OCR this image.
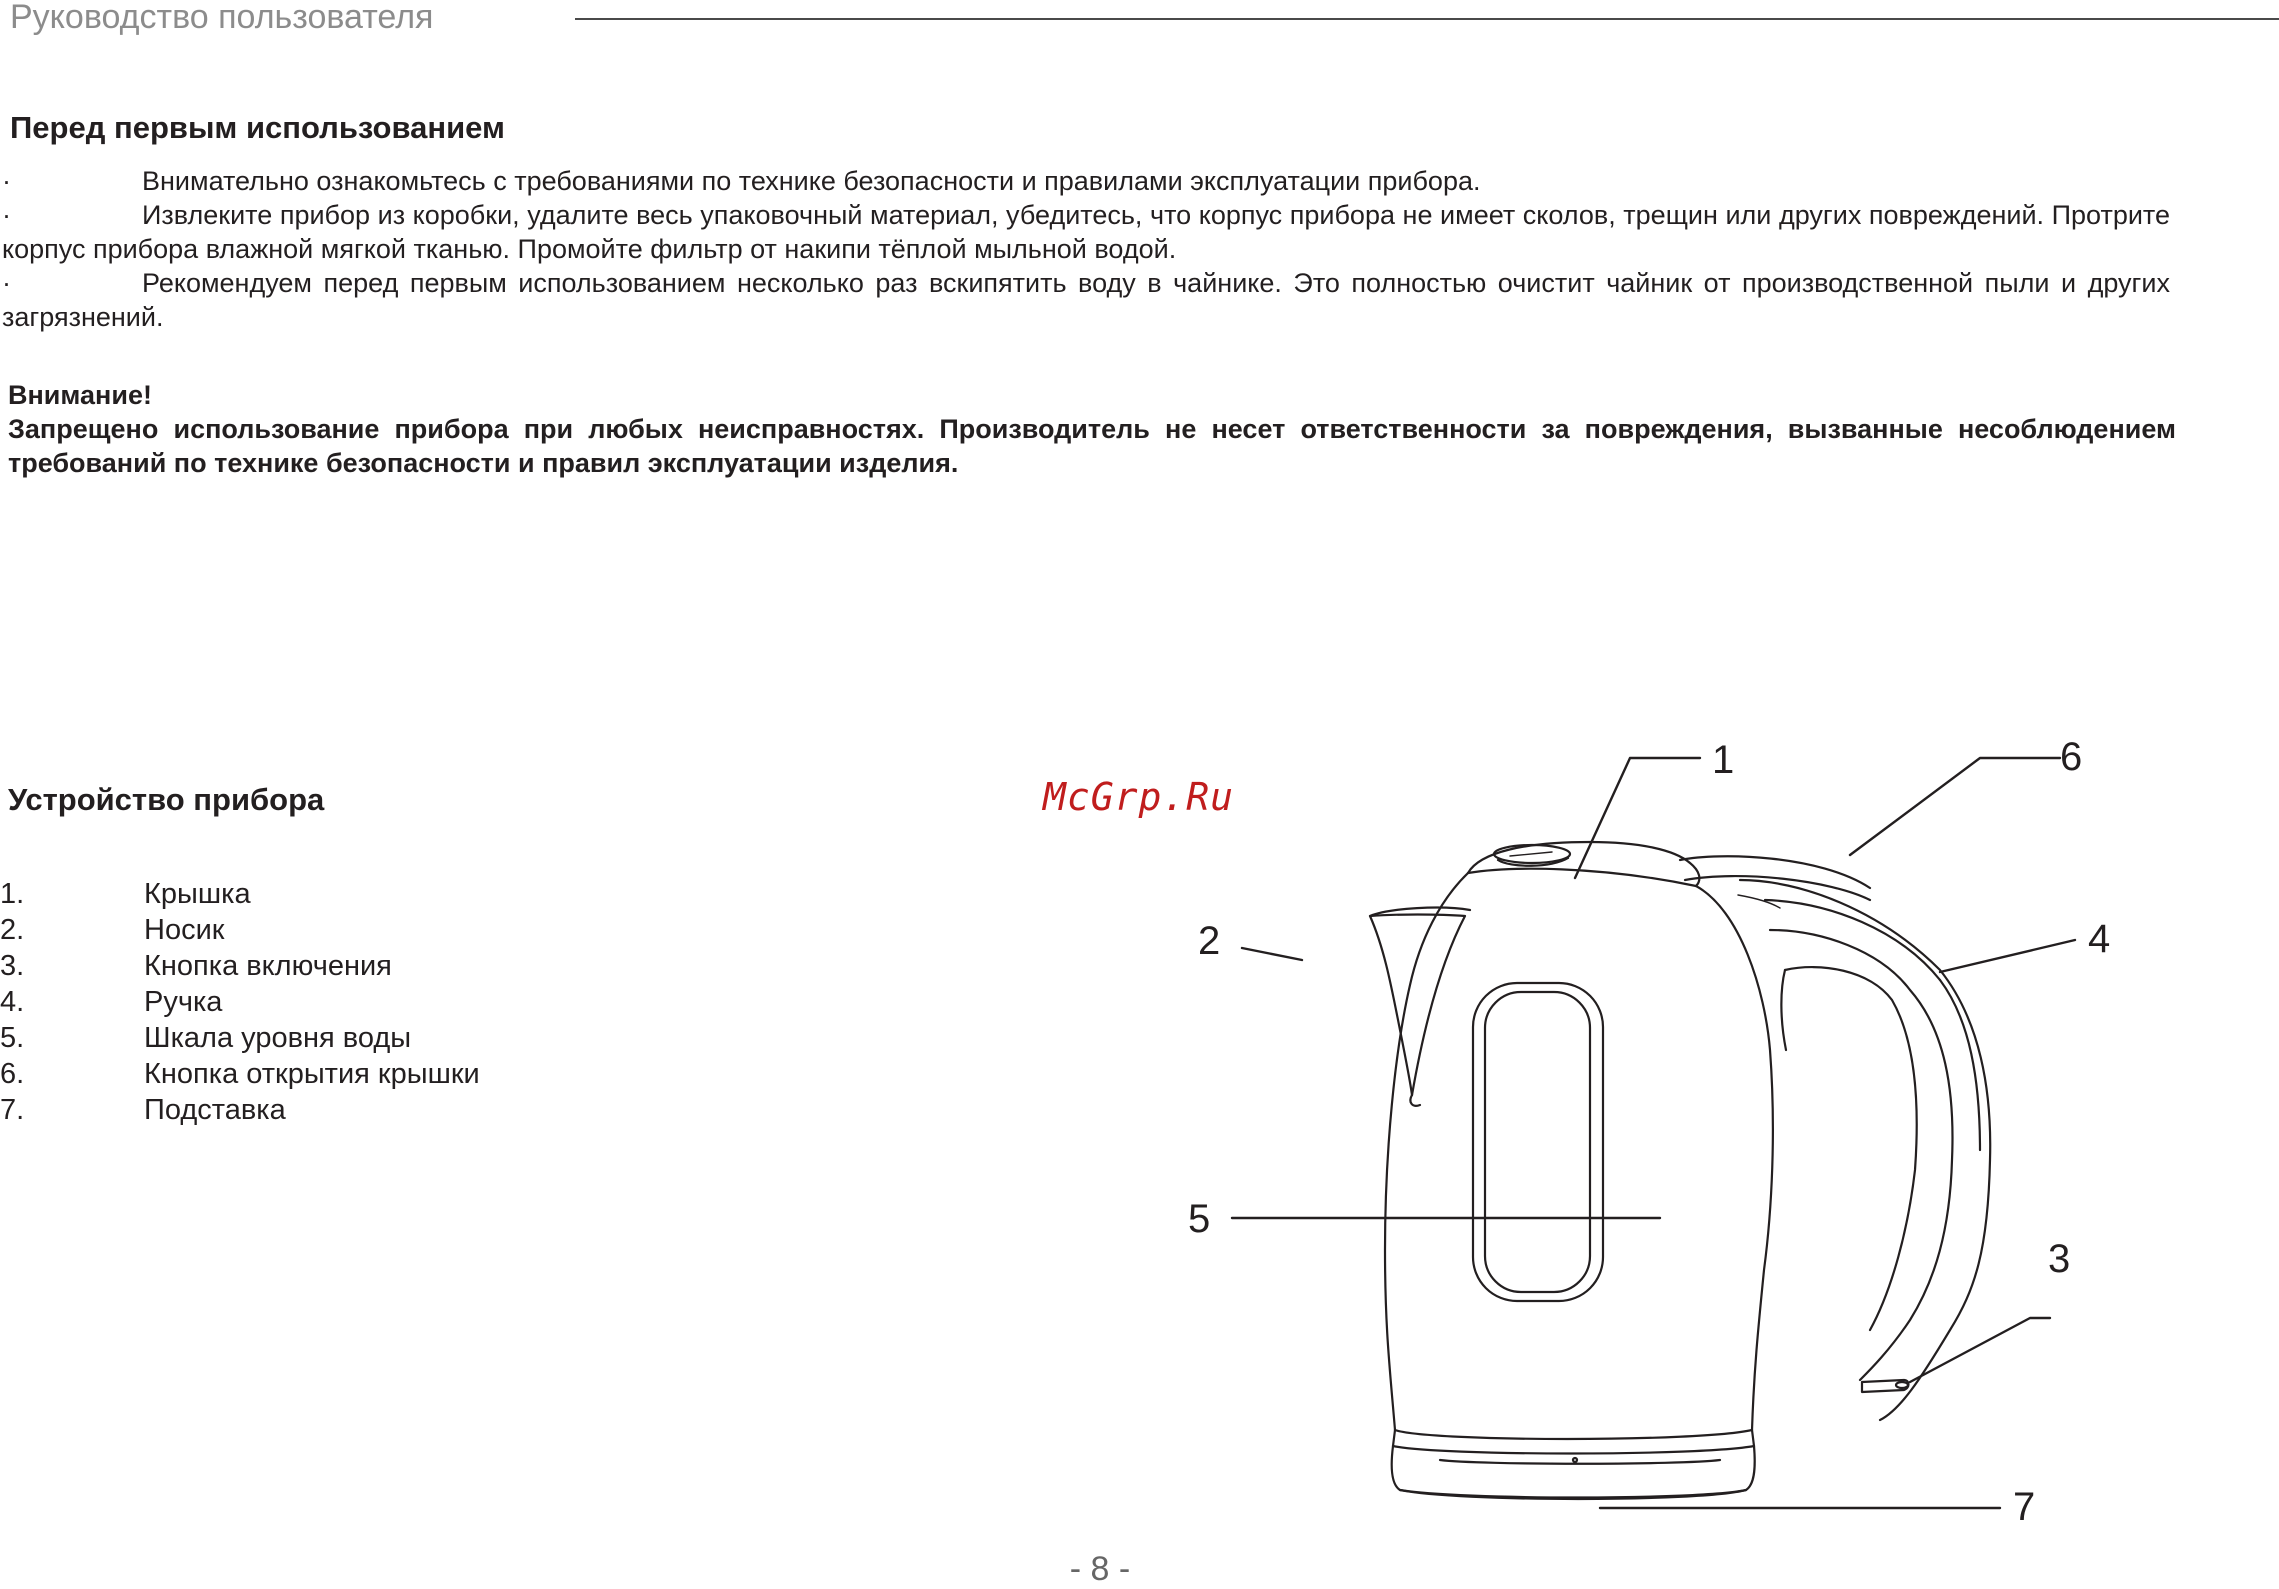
Руководство пользователя
Перед первым использованием

·	Внимательно ознакомьтесь с требованиями по технике безопасности и правилами эксплуатации прибора.

·	Извлеките прибор из коробки, удалите весь упаковочный материал, убедитесь, что корпус прибора не имеет сколов, трещин или других повреждений. Протрите корпус прибора влажной мягкой тканью. Промойте фильтр от накипи тёплой мыльной водой.

·	Рекомендуем перед первым использованием несколько раз вскипятить воду в чайнике. Это полностью очистит чайник от производственной пыли и других загрязнений.

Внимание!

Запрещено использование прибора при любых неисправностях. Производитель не несет ответственности за повреждения, вызванные несоблюдением требований по технике безопасности и правил эксплуатации изделия.

Устройство прибора
1.	Крышка
2.	Носик
3.	Кнопка включения
4.	Ручка
5.	Шкала уровня воды
6.	Кнопка открытия крышки
7.	Подставка
McGrp.Ru
1
2
3
4
5
6
7
- 8 -
